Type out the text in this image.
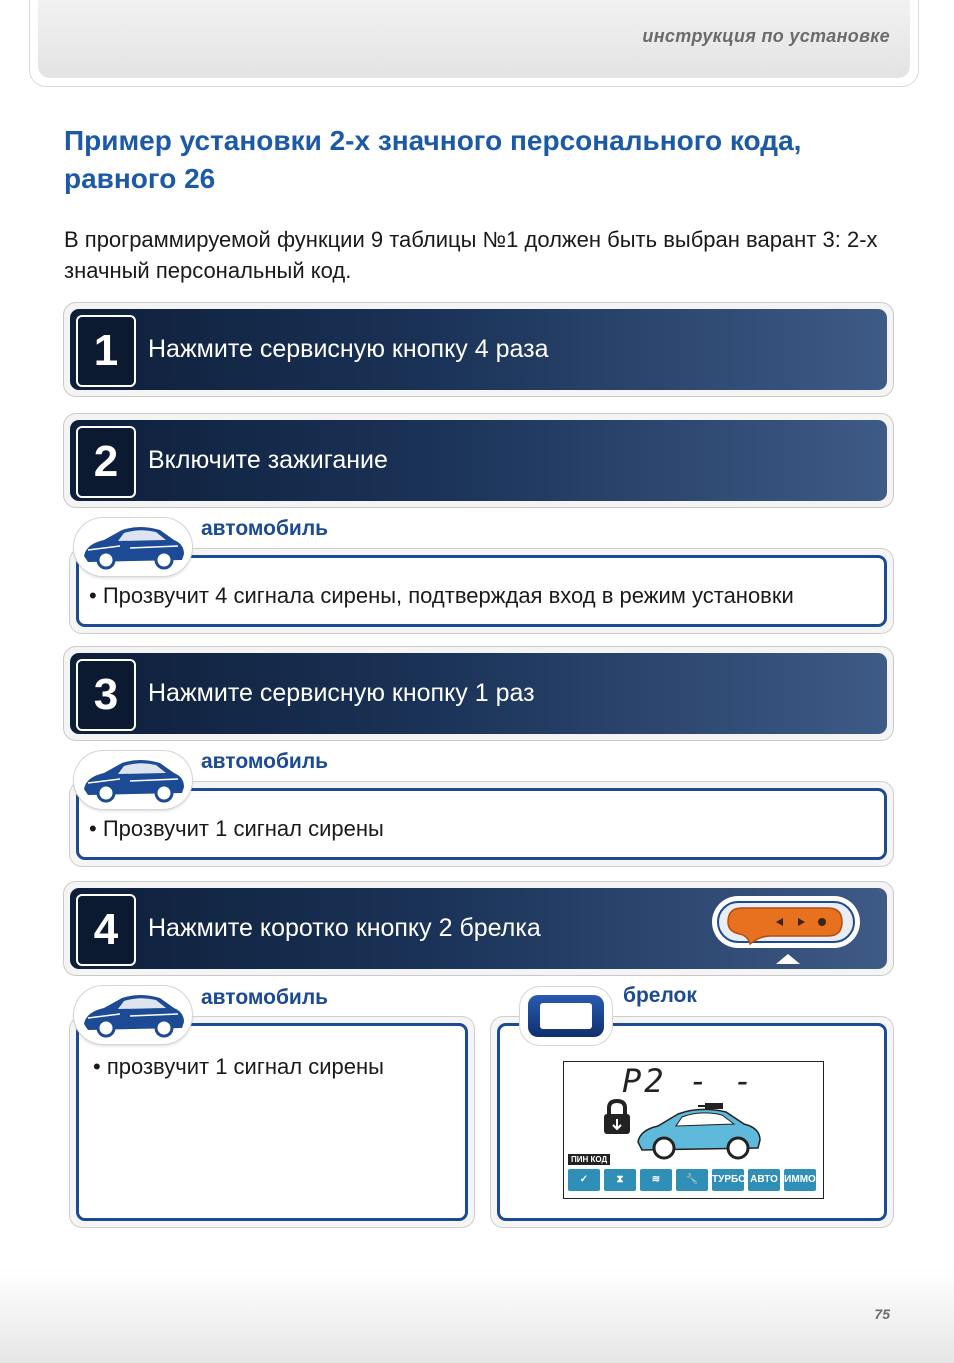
инструкция по установке
Пример установки 2-х значного персонального кода, равного 26
В программируемой функции 9 таблицы №1 должен быть выбран варант 3: 2-х значный персональный код.
1	Нажмите сервисную кнопку 4 раза
2	Включите зажигание
• Прозвучит 4 сигнала сирены, подтверждая вход в режим установки
автомобиль
3	Нажмите сервисную кнопку 1 раз
• Прозвучит 1 сигнал сирены
автомобиль
4	Нажмите коротко кнопку 2 брелка
• прозвучит 1 сигнал сирены
автомобиль	брелок
P2 - -
ПИН КОД
✓	⧗	≋	🔧	ТУРБО АВТО ИММО
75
